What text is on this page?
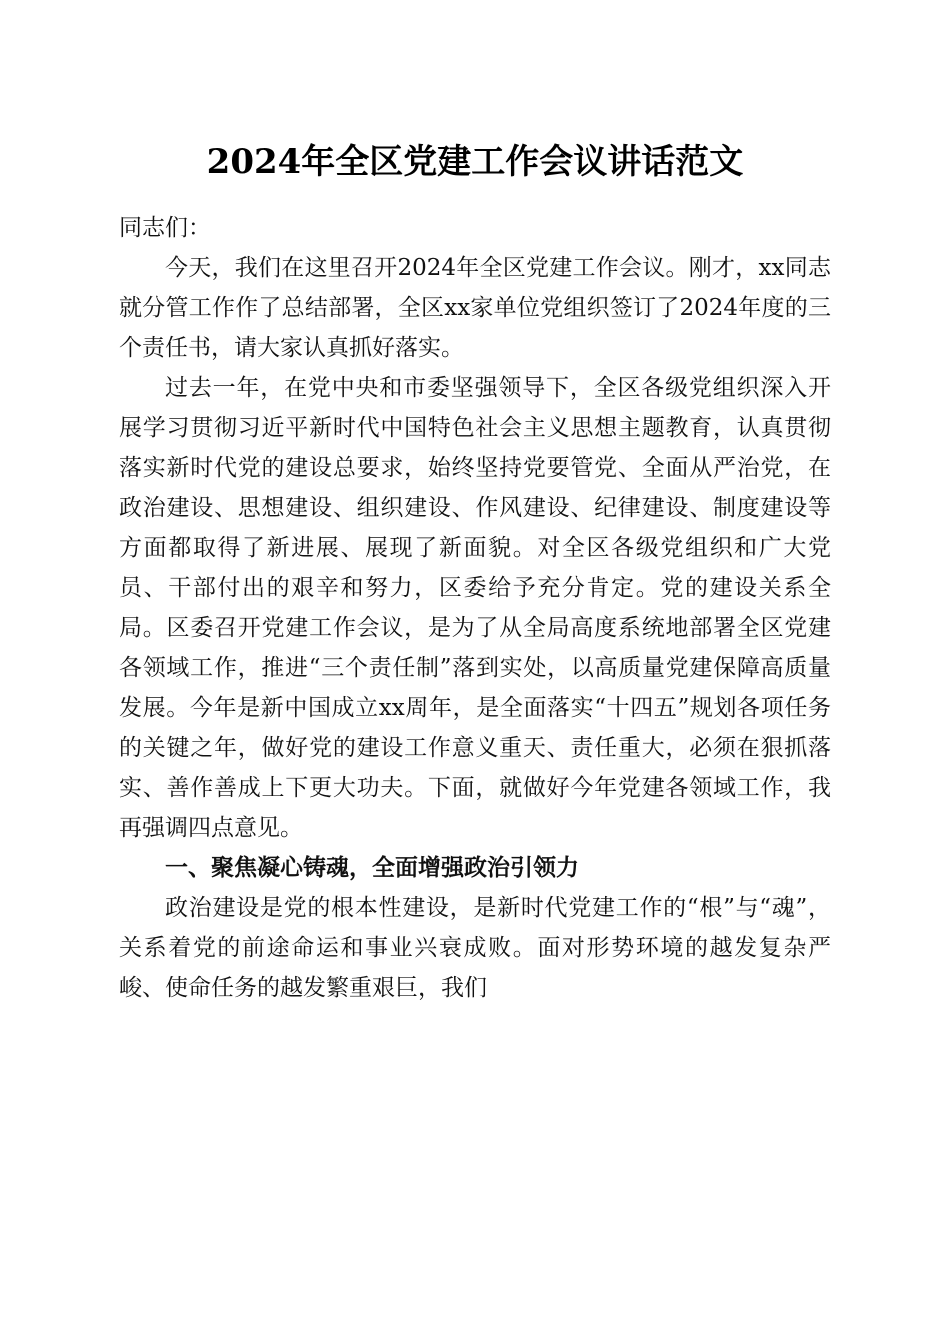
2024年全区党建工作会议讲话范文

同志们：

今天，我们在这里召开2024年全区党建工作会议。刚才，xx同志就分管工作作了总结部署，全区xx家单位党组织签订了2024年度的三个责任书，请大家认真抓好落实。

过去一年，在党中央和市委坚强领导下，全区各级党组织深入开展学习贯彻习近平新时代中国特色社会主义思想主题教育，认真贯彻落实新时代党的建设总要求，始终坚持党要管党、全面从严治党，在政治建设、思想建设、组织建设、作风建设、纪律建设、制度建设等方面都取得了新进展、展现了新面貌。对全区各级党组织和广大党员、干部付出的艰辛和努力，区委给予充分肯定。党的建设关系全局。区委召开党建工作会议，是为了从全局高度系统地部署全区党建各领域工作，推进“三个责任制”落到实处，以高质量党建保障高质量发展。今年是新中国成立xx周年，是全面落实“十四五”规划各项任务的关键之年，做好党的建设工作意义重天、责任重大，必须在狠抓落实、善作善成上下更大功夫。下面，就做好今年党建各领域工作，我再强调四点意见。

一、聚焦凝心铸魂，全面增强政治引领力

政治建设是党的根本性建设，是新时代党建工作的“根”与“魂”，关系着党的前途命运和事业兴衰成败。面对形势环境的越发复杂严峻、使命任务的越发繁重艰巨，我们
